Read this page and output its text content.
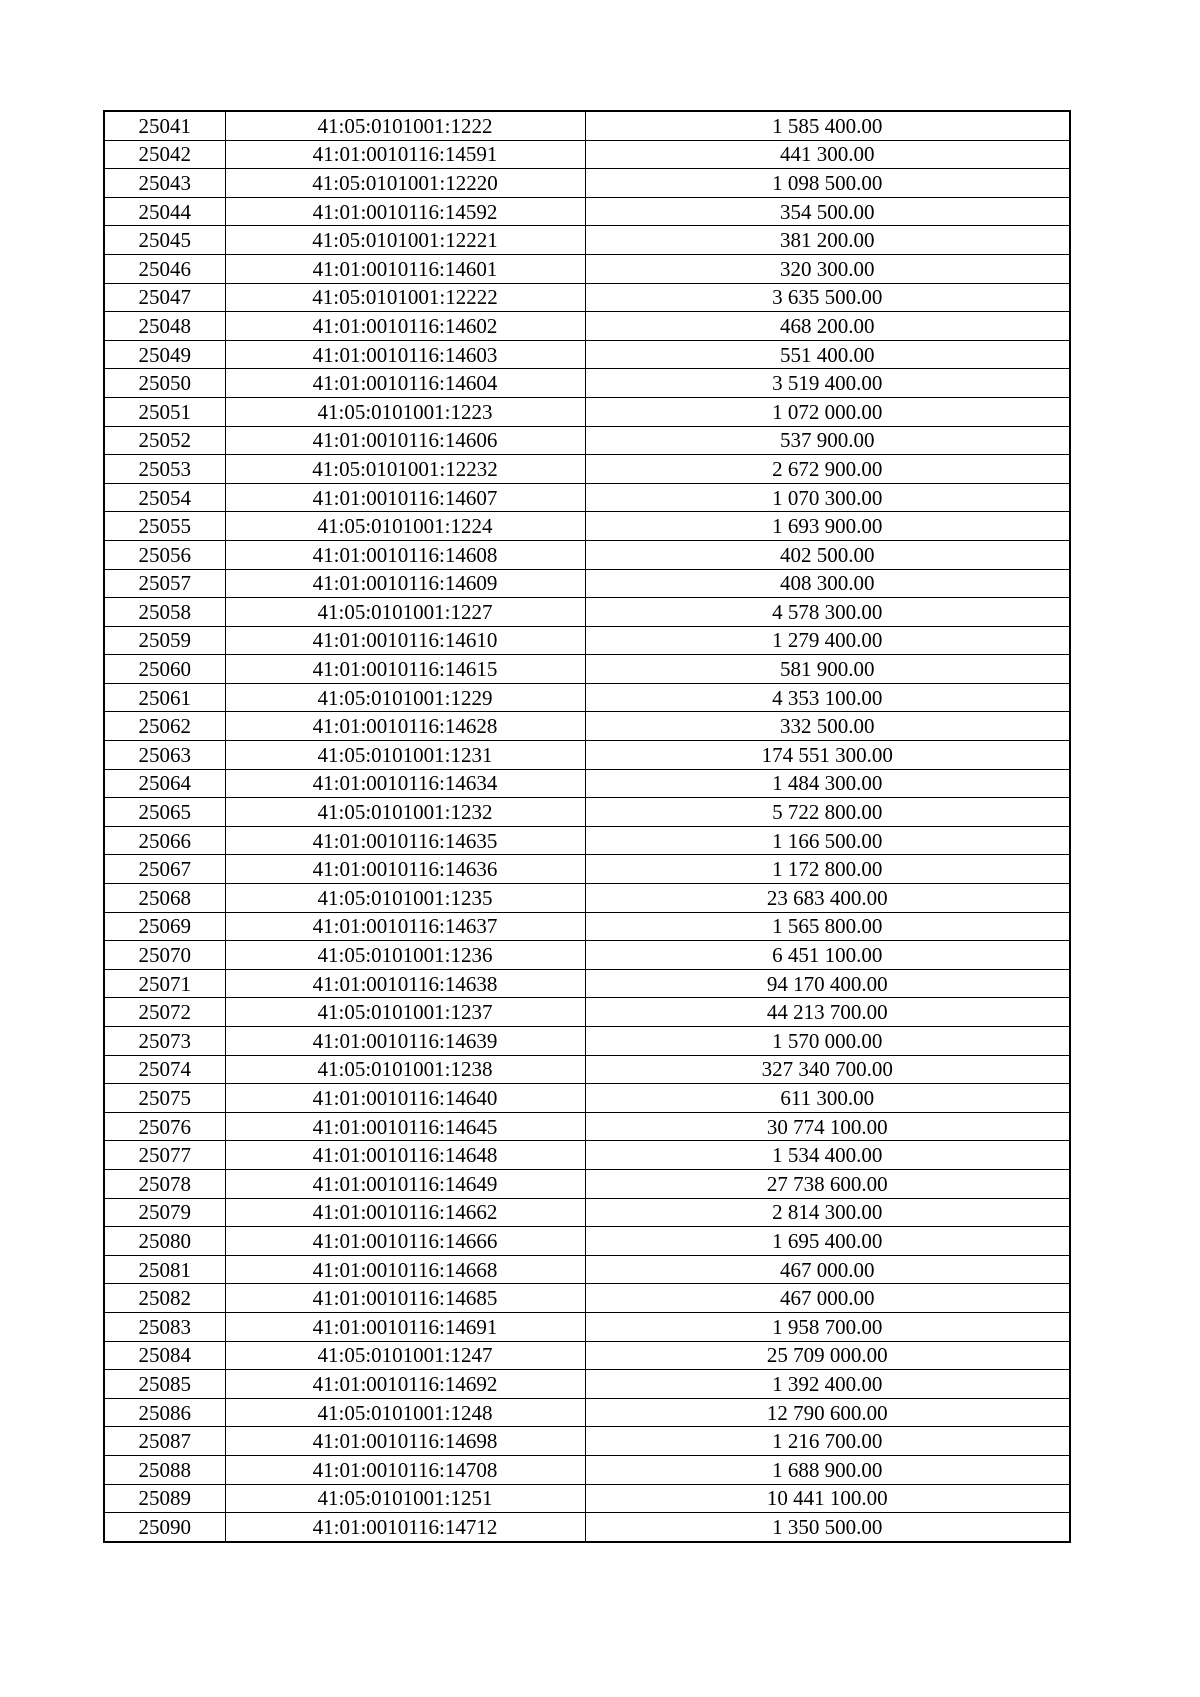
25041	41:05:0101001:1222	1 585 400.00
25042	41:01:0010116:14591	441 300.00
25043	41:05:0101001:12220	1 098 500.00
25044	41:01:0010116:14592	354 500.00
25045	41:05:0101001:12221	381 200.00
25046	41:01:0010116:14601	320 300.00
25047	41:05:0101001:12222	3 635 500.00
25048	41:01:0010116:14602	468 200.00
25049	41:01:0010116:14603	551 400.00
25050	41:01:0010116:14604	3 519 400.00
25051	41:05:0101001:1223	1 072 000.00
25052	41:01:0010116:14606	537 900.00
25053	41:05:0101001:12232	2 672 900.00
25054	41:01:0010116:14607	1 070 300.00
25055	41:05:0101001:1224	1 693 900.00
25056	41:01:0010116:14608	402 500.00
25057	41:01:0010116:14609	408 300.00
25058	41:05:0101001:1227	4 578 300.00
25059	41:01:0010116:14610	1 279 400.00
25060	41:01:0010116:14615	581 900.00
25061	41:05:0101001:1229	4 353 100.00
25062	41:01:0010116:14628	332 500.00
25063	41:05:0101001:1231	174 551 300.00
25064	41:01:0010116:14634	1 484 300.00
25065	41:05:0101001:1232	5 722 800.00
25066	41:01:0010116:14635	1 166 500.00
25067	41:01:0010116:14636	1 172 800.00
25068	41:05:0101001:1235	23 683 400.00
25069	41:01:0010116:14637	1 565 800.00
25070	41:05:0101001:1236	6 451 100.00
25071	41:01:0010116:14638	94 170 400.00
25072	41:05:0101001:1237	44 213 700.00
25073	41:01:0010116:14639	1 570 000.00
25074	41:05:0101001:1238	327 340 700.00
25075	41:01:0010116:14640	611 300.00
25076	41:01:0010116:14645	30 774 100.00
25077	41:01:0010116:14648	1 534 400.00
25078	41:01:0010116:14649	27 738 600.00
25079	41:01:0010116:14662	2 814 300.00
25080	41:01:0010116:14666	1 695 400.00
25081	41:01:0010116:14668	467 000.00
25082	41:01:0010116:14685	467 000.00
25083	41:01:0010116:14691	1 958 700.00
25084	41:05:0101001:1247	25 709 000.00
25085	41:01:0010116:14692	1 392 400.00
25086	41:05:0101001:1248	12 790 600.00
25087	41:01:0010116:14698	1 216 700.00
25088	41:01:0010116:14708	1 688 900.00
25089	41:05:0101001:1251	10 441 100.00
25090	41:01:0010116:14712	1 350 500.00
